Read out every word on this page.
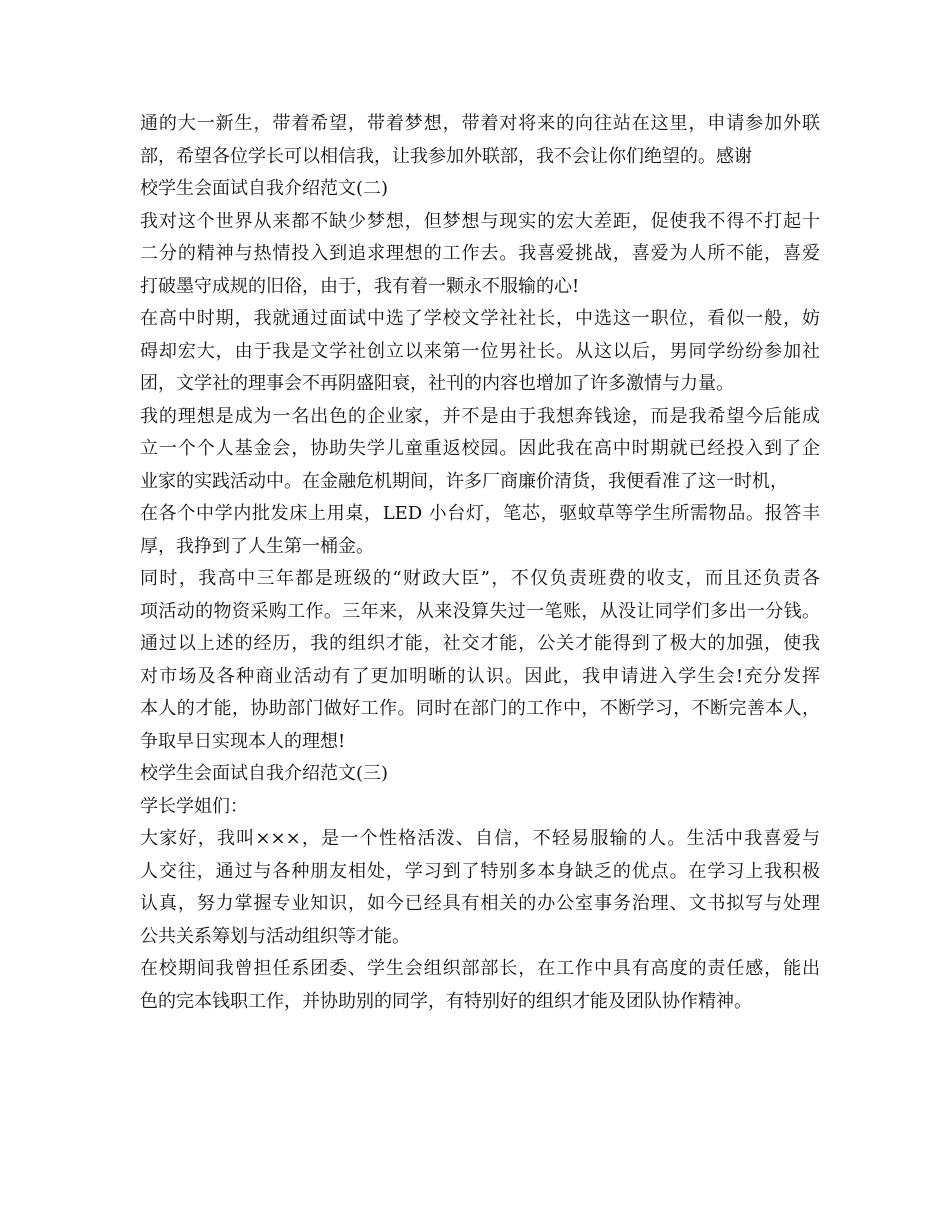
通的大一新生，带着希望，带着梦想，带着对将来的向往站在这里，申请参加外联

部，希望各位学长可以相信我，让我参加外联部，我不会让你们绝望的。感谢

校学生会面试自我介绍范文(二)

我对这个世界从来都不缺少梦想，但梦想与现实的宏大差距，促使我不得不打起十

二分的精神与热情投入到追求理想的工作去。我喜爱挑战，喜爱为人所不能，喜爱

打破墨守成规的旧俗，由于，我有着一颗永不服输的心!

在高中时期，我就通过面试中选了学校文学社社长，中选这一职位，看似一般，妨

碍却宏大，由于我是文学社创立以来第一位男社长。从这以后，男同学纷纷参加社

团，文学社的理事会不再阴盛阳衰，社刊的内容也增加了许多激情与力量。

我的理想是成为一名出色的企业家，并不是由于我想奔钱途，而是我希望今后能成

立一个个人基金会，协助失学儿童重返校园。因此我在高中时期就已经投入到了企

业家的实践活动中。在金融危机期间，许多厂商廉价清货，我便看准了这一时机，

在各个中学内批发床上用桌，LED 小台灯，笔芯，驱蚊草等学生所需物品。报答丰

厚，我挣到了人生第一桶金。

同时，我高中三年都是班级的“财政大臣”，不仅负责班费的收支，而且还负责各

项活动的物资采购工作。三年来，从来没算失过一笔账，从没让同学们多出一分钱。

通过以上述的经历，我的组织才能，社交才能，公关才能得到了极大的加强，使我

对市场及各种商业活动有了更加明晰的认识。因此，我申请进入学生会!充分发挥

本人的才能，协助部门做好工作。同时在部门的工作中，不断学习，不断完善本人，

争取早日实现本人的理想!

校学生会面试自我介绍范文(三)

学长学姐们：

大家好，我叫×××，是一个性格活泼、自信，不轻易服输的人。生活中我喜爱与

人交往，通过与各种朋友相处，学习到了特别多本身缺乏的优点。在学习上我积极

认真，努力掌握专业知识，如今已经具有相关的办公室事务治理、文书拟写与处理

公共关系筹划与活动组织等才能。

在校期间我曾担任系团委、学生会组织部部长，在工作中具有高度的责任感，能出

色的完本钱职工作，并协助别的同学，有特别好的组织才能及团队协作精神。
